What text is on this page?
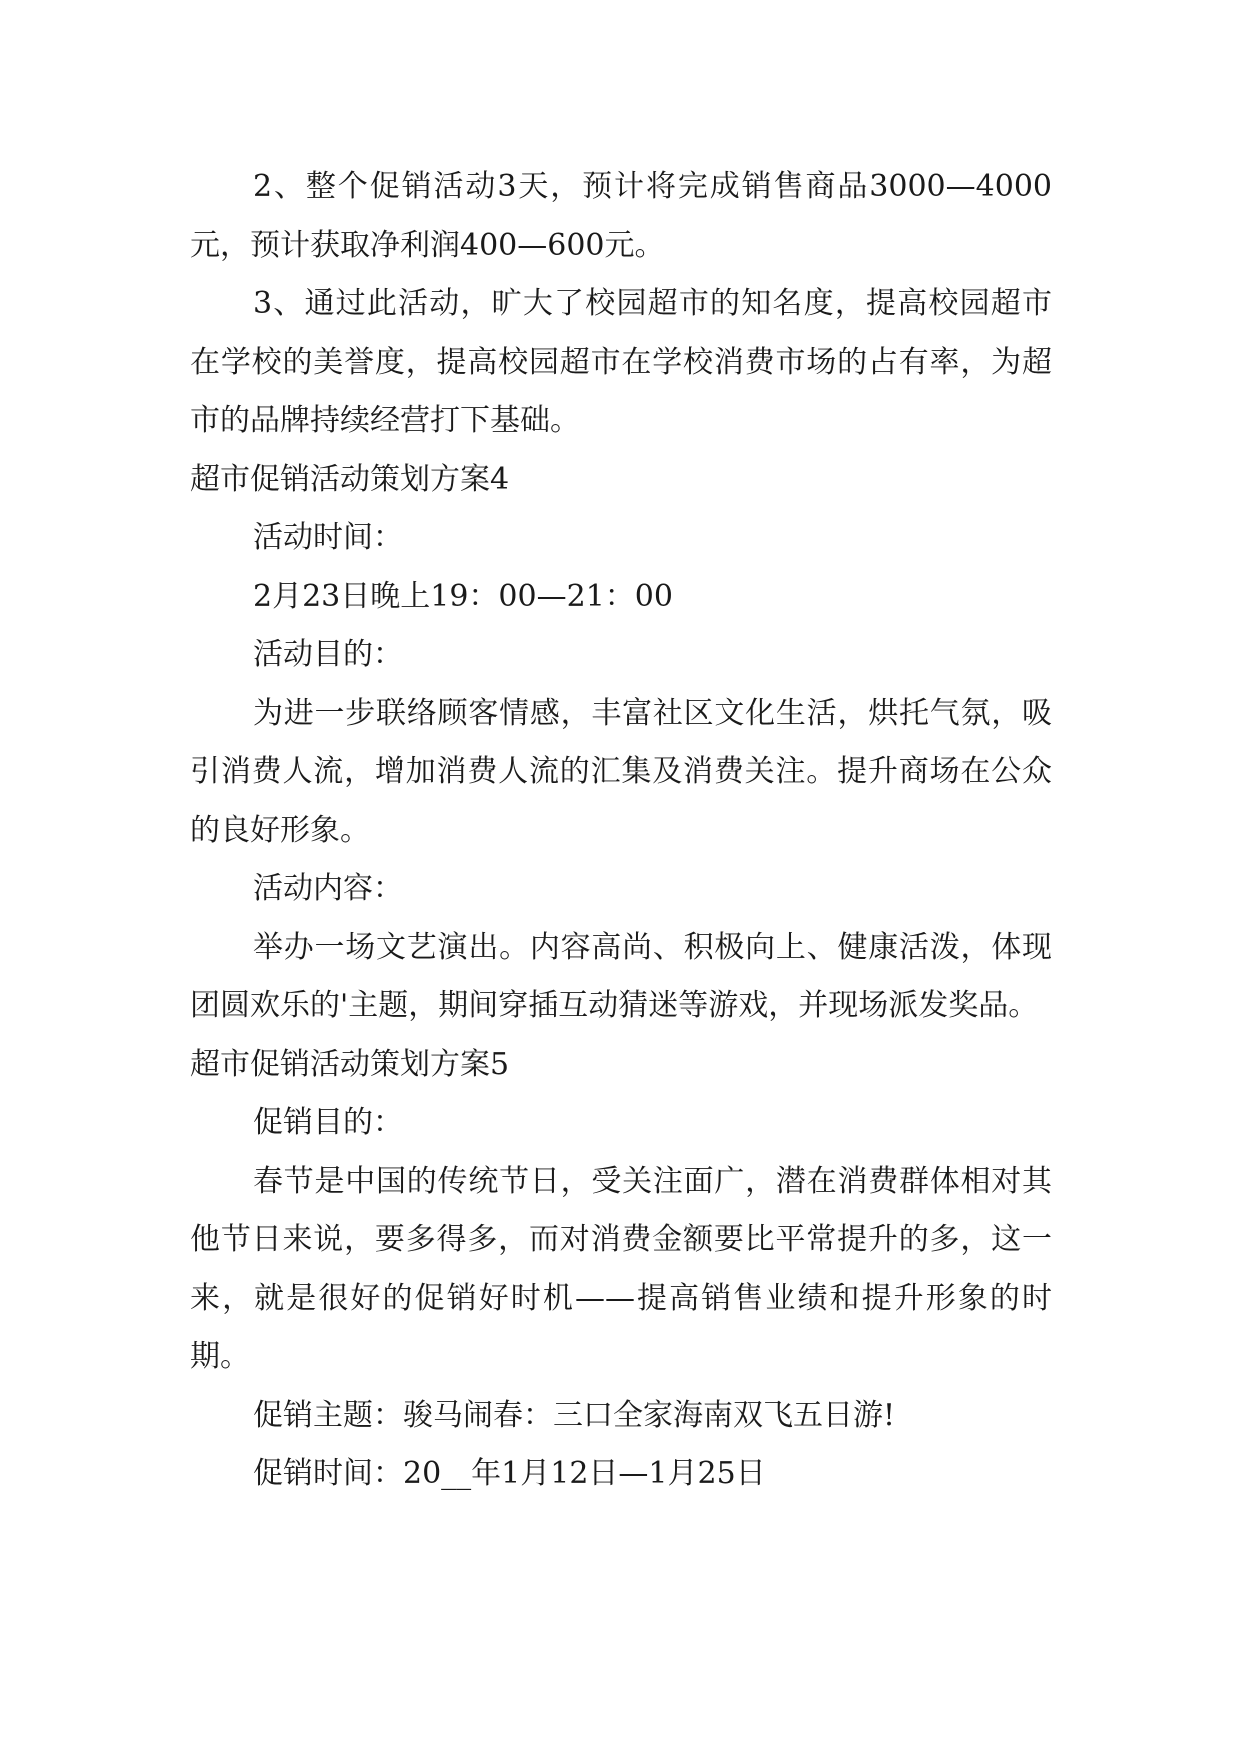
2、整个促销活动3天，预计将完成销售商品3000—4000元，预计获取净利润400—600元。

3、通过此活动，旷大了校园超市的知名度，提高校园超市在学校的美誉度，提高校园超市在学校消费市场的占有率，为超市的品牌持续经营打下基础。

超市促销活动策划方案4

活动时间：

2月23日晚上19：00—21：00

活动目的：

为进一步联络顾客情感，丰富社区文化生活，烘托气氛，吸引消费人流，增加消费人流的汇集及消费关注。提升商场在公众的良好形象。

活动内容：

举办一场文艺演出。内容高尚、积极向上、健康活泼，体现团圆欢乐的'主题，期间穿插互动猜迷等游戏，并现场派发奖品。

超市促销活动策划方案5

促销目的：

春节是中国的传统节日，受关注面广，潜在消费群体相对其他节日来说，要多得多，而对消费金额要比平常提升的多，这一来，就是很好的促销好时机——提高销售业绩和提升形象的时期。

促销主题：骏马闹春：三口全家海南双飞五日游!

促销时间：20__年1月12日—1月25日
